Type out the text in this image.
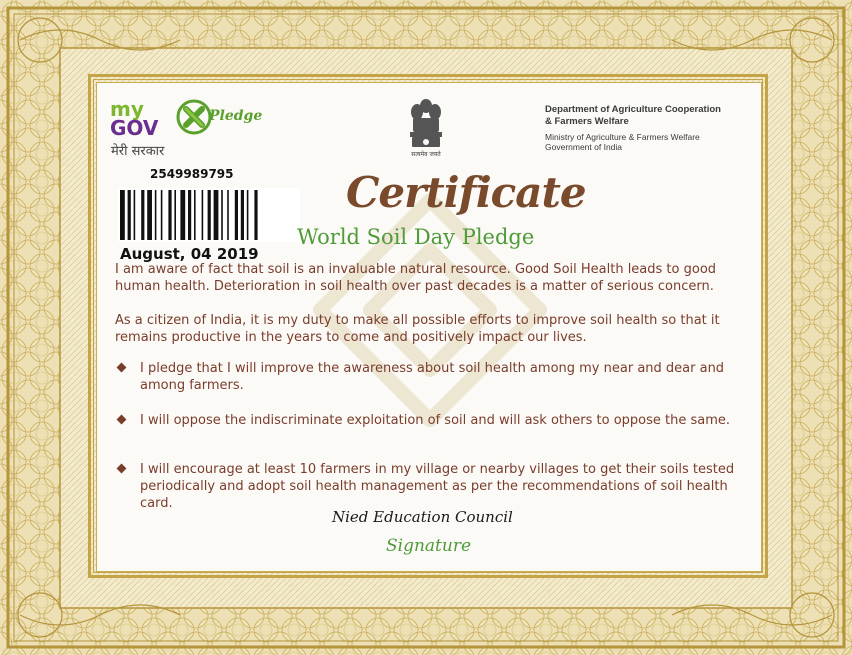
my
GOV
मेरी सरकार
Pledge
सत्यमेव जयते
Department of Agriculture Cooperation
& Farmers Welfare
Ministry of Agriculture & Farmers Welfare
Government of India
2549989795
August, 04 2019
Certificate
World Soil Day Pledge

I am aware of fact that soil is an invaluable natural resource. Good Soil Health leads to good human health. Deterioration in soil health over past decades is a matter of serious concern.

As a citizen of India, it is my duty to make all possible efforts to improve soil health so that it remains productive in the years to come and positively impact our lives.

I pledge that I will improve the awareness about soil health among my near and dear and among farmers.
I will oppose the indiscriminate exploitation of soil and will ask others to oppose the same.
I will encourage at least 10 farmers in my village or nearby villages to get their soils tested periodically and adopt soil health management as per the recommendations of soil health card.
Nied Education Council
Signature
